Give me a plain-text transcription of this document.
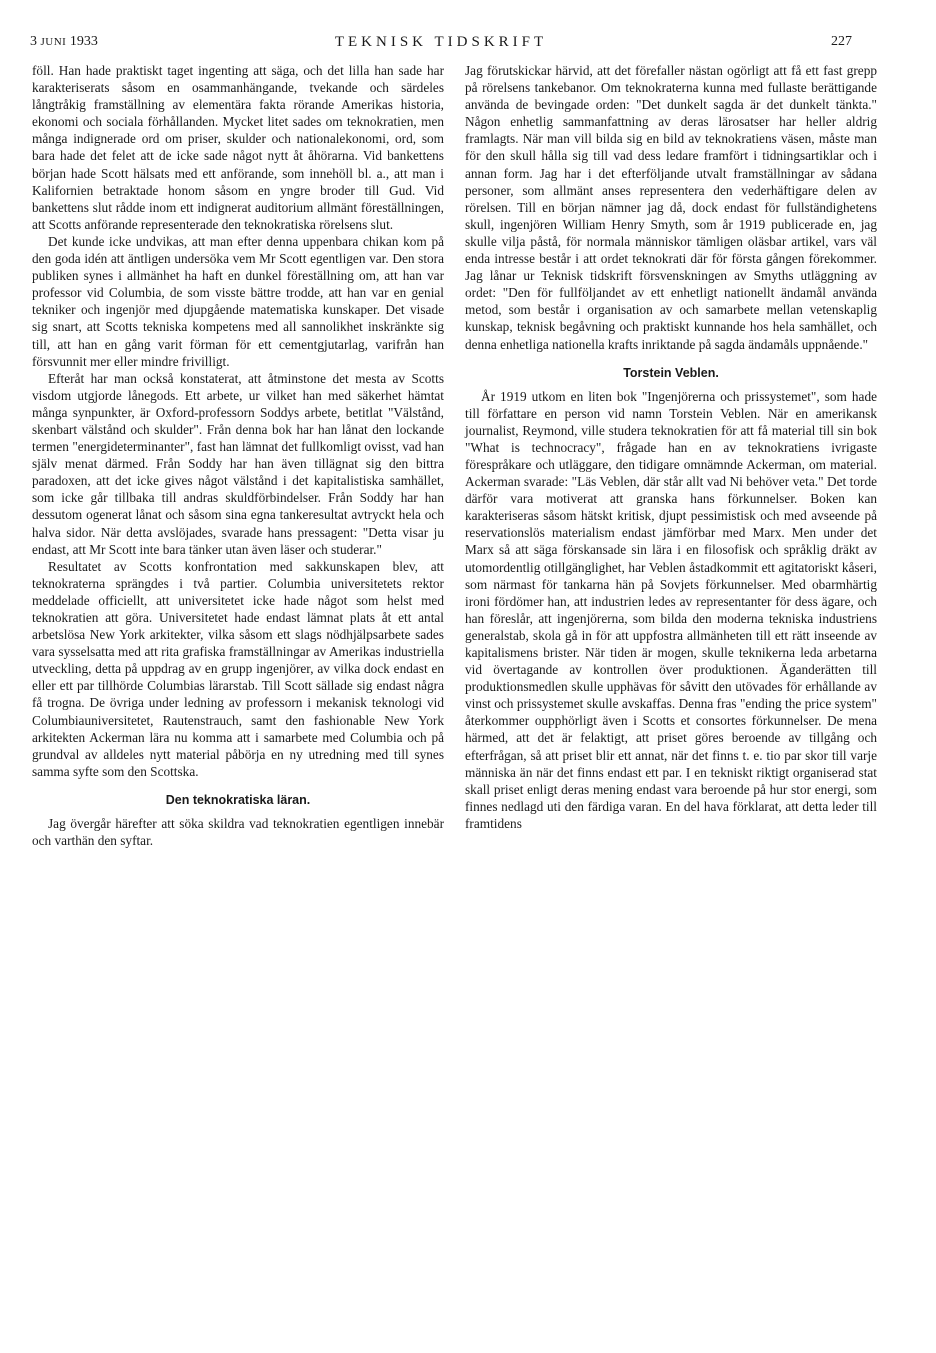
3 JUNI 1933	TEKNISK TIDSKRIFT	227

föll. Han hade praktiskt taget ingenting att säga, och det lilla han sade har karakteriserats såsom en osammanhängande, tvekande och särdeles långtråkig framställning av elementära fakta rörande Amerikas historia, ekonomi och sociala förhållanden. Mycket litet sades om teknokratien, men många indignerade ord om priser, skulder och nationalekonomi, ord, som bara hade det felet att de icke sade något nytt åt åhörarna. Vid bankettens början hade Scott hälsats med ett anförande, som innehöll bl. a., att man i Kalifornien betraktade honom såsom en yngre broder till Gud. Vid bankettens slut rådde inom ett indignerat auditorium allmänt föreställningen, att Scotts anförande representerade den teknokratiska rörelsens slut.

Det kunde icke undvikas, att man efter denna uppenbara chikan kom på den goda idén att äntligen undersöka vem Mr Scott egentligen var. Den stora publiken synes i allmänhet ha haft en dunkel föreställning om, att han var professor vid Columbia, de som visste bättre trodde, att han var en genial tekniker och ingenjör med djupgående matematiska kunskaper. Det visade sig snart, att Scotts tekniska kompetens med all sannolikhet inskränkte sig till, att han en gång varit förman för ett cementgjutarlag, varifrån han försvunnit mer eller mindre frivilligt.

Efteråt har man också konstaterat, att åtminstone det mesta av Scotts visdom utgjorde lånegods. Ett arbete, ur vilket han med säkerhet hämtat många synpunkter, är Oxford-professorn Soddys arbete, betitlat "Välstånd, skenbart välstånd och skulder". Från denna bok har han lånat den lockande termen "energideterminanter", fast han lämnat det fullkomligt ovisst, vad han själv menat därmed. Från Soddy har han även tillägnat sig den bittra paradoxen, att det icke gives något välstånd i det kapitalistiska samhället, som icke går tillbaka till andras skuldförbindelser. Från Soddy har han dessutom ogenerat lånat och såsom sina egna tankeresultat avtryckt hela och halva sidor. När detta avslöjades, svarade hans pressagent: "Detta visar ju endast, att Mr Scott inte bara tänker utan även läser och studerar."

Resultatet av Scotts konfrontation med sakkunskapen blev, att teknokraterna sprängdes i två partier. Columbia universitetets rektor meddelade officiellt, att universitetet icke hade något som helst med teknokratien att göra. Universitetet hade endast lämnat plats åt ett antal arbetslösa New York arkitekter, vilka såsom ett slags nödhjälpsarbete sades vara sysselsatta med att rita grafiska framställningar av Amerikas industriella utveckling, detta på uppdrag av en grupp ingenjörer, av vilka dock endast en eller ett par tillhörde Columbias lärarstab. Till Scott sällade sig endast några få trogna. De övriga under ledning av professorn i mekanisk teknologi vid Columbiauniversitetet, Rautenstrauch, samt den fashionable New York arkitekten Ackerman lära nu komma att i samarbete med Columbia och på grundval av alldeles nytt material påbörja en ny utredning med till synes samma syfte som den Scottska.

Den teknokratiska läran.

Jag övergår härefter att söka skildra vad teknokratien egentligen innebär och varthän den syftar.

Jag förutskickar härvid, att det förefaller nästan ogörligt att få ett fast grepp på rörelsens tankebanor. Om teknokraterna kunna med fullaste berättigande använda de bevingade orden: "Det dunkelt sagda är det dunkelt tänkta." Någon enhetlig sammanfattning av deras lärosatser har heller aldrig framlagts. När man vill bilda sig en bild av teknokratiens väsen, måste man för den skull hålla sig till vad dess ledare framfört i tidningsartiklar och i annan form. Jag har i det efterföljande utvalt framställningar av sådana personer, som allmänt anses representera den vederhäftigare delen av rörelsen. Till en början nämner jag då, dock endast för fullständighetens skull, ingenjören William Henry Smyth, som år 1919 publicerade en, jag skulle vilja påstå, för normala människor tämligen oläsbar artikel, vars väl enda intresse består i att ordet teknokrati där för första gången förekommer. Jag lånar ur Teknisk tidskrift försvenskningen av Smyths utläggning av ordet: "Den för fullföljandet av ett enhetligt nationellt ändamål använda metod, som består i organisation av och samarbete mellan vetenskaplig kunskap, teknisk begåvning och praktiskt kunnande hos hela samhället, och denna enhetliga nationella krafts inriktande på sagda ändamåls uppnående."

Torstein Veblen.

År 1919 utkom en liten bok "Ingenjörerna och prissystemet", som hade till författare en person vid namn Torstein Veblen. När en amerikansk journalist, Reymond, ville studera teknokratien för att få material till sin bok "What is technocracy", frågade han en av teknokratiens ivrigaste förespråkare och utläggare, den tidigare omnämnde Ackerman, om material. Ackerman svarade: "Läs Veblen, där står allt vad Ni behöver veta." Det torde därför vara motiverat att granska hans förkunnelser. Boken kan karakteriseras såsom hätskt kritisk, djupt pessimistisk och med avseende på reservationslös materialism endast jämförbar med Marx. Men under det Marx så att säga förskansade sin lära i en filosofisk och språklig dräkt av utomordentlig otillgänglighet, har Veblen åstadkommit ett agitatoriskt kåseri, som närmast för tankarna hän på Sovjets förkunnelser. Med obarmhärtig ironi fördömer han, att industrien ledes av representanter för dess ägare, och han föreslår, att ingenjörerna, som bilda den moderna tekniska industriens generalstab, skola gå in för att uppfostra allmänheten till ett rätt inseende av kapitalismens brister. När tiden är mogen, skulle teknikerna leda arbetarna vid övertagande av kontrollen över produktionen. Äganderätten till produktionsmedlen skulle upphävas för såvitt den utövades för erhållande av vinst och prissystemet skulle avskaffas. Denna fras "ending the price system" återkommer oupphörligt även i Scotts et consortes förkunnelser. De mena härmed, att det är felaktigt, att priset göres beroende av tillgång och efterfrågan, så att priset blir ett annat, när det finns t. e. tio par skor till varje människa än när det finns endast ett par. I en tekniskt riktigt organiserad stat skall priset enligt deras mening endast vara beroende på hur stor energi, som finnes nedlagd uti den färdiga varan. En del hava förklarat, att detta leder till framtidens
